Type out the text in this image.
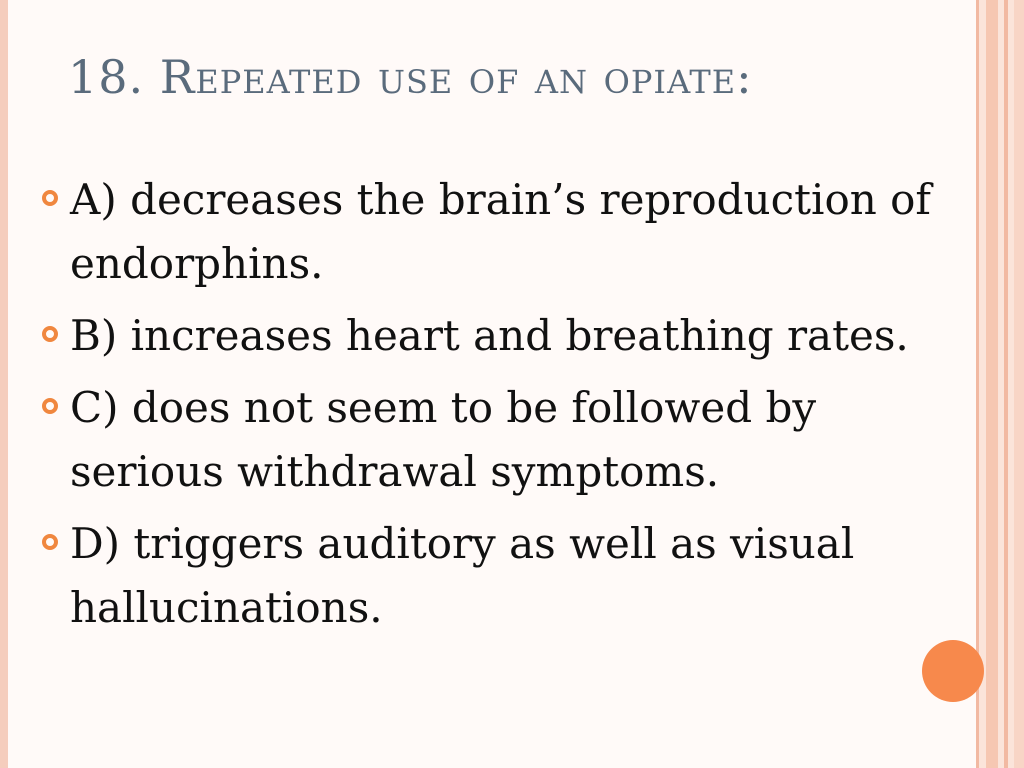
18. Repeated use of an opiate:
A) decreases the brain’s reproduction of endorphins.
B) increases heart and breathing rates.
C) does not seem to be followed by serious withdrawal symptoms.
D) triggers auditory as well as visual hallucinations.
